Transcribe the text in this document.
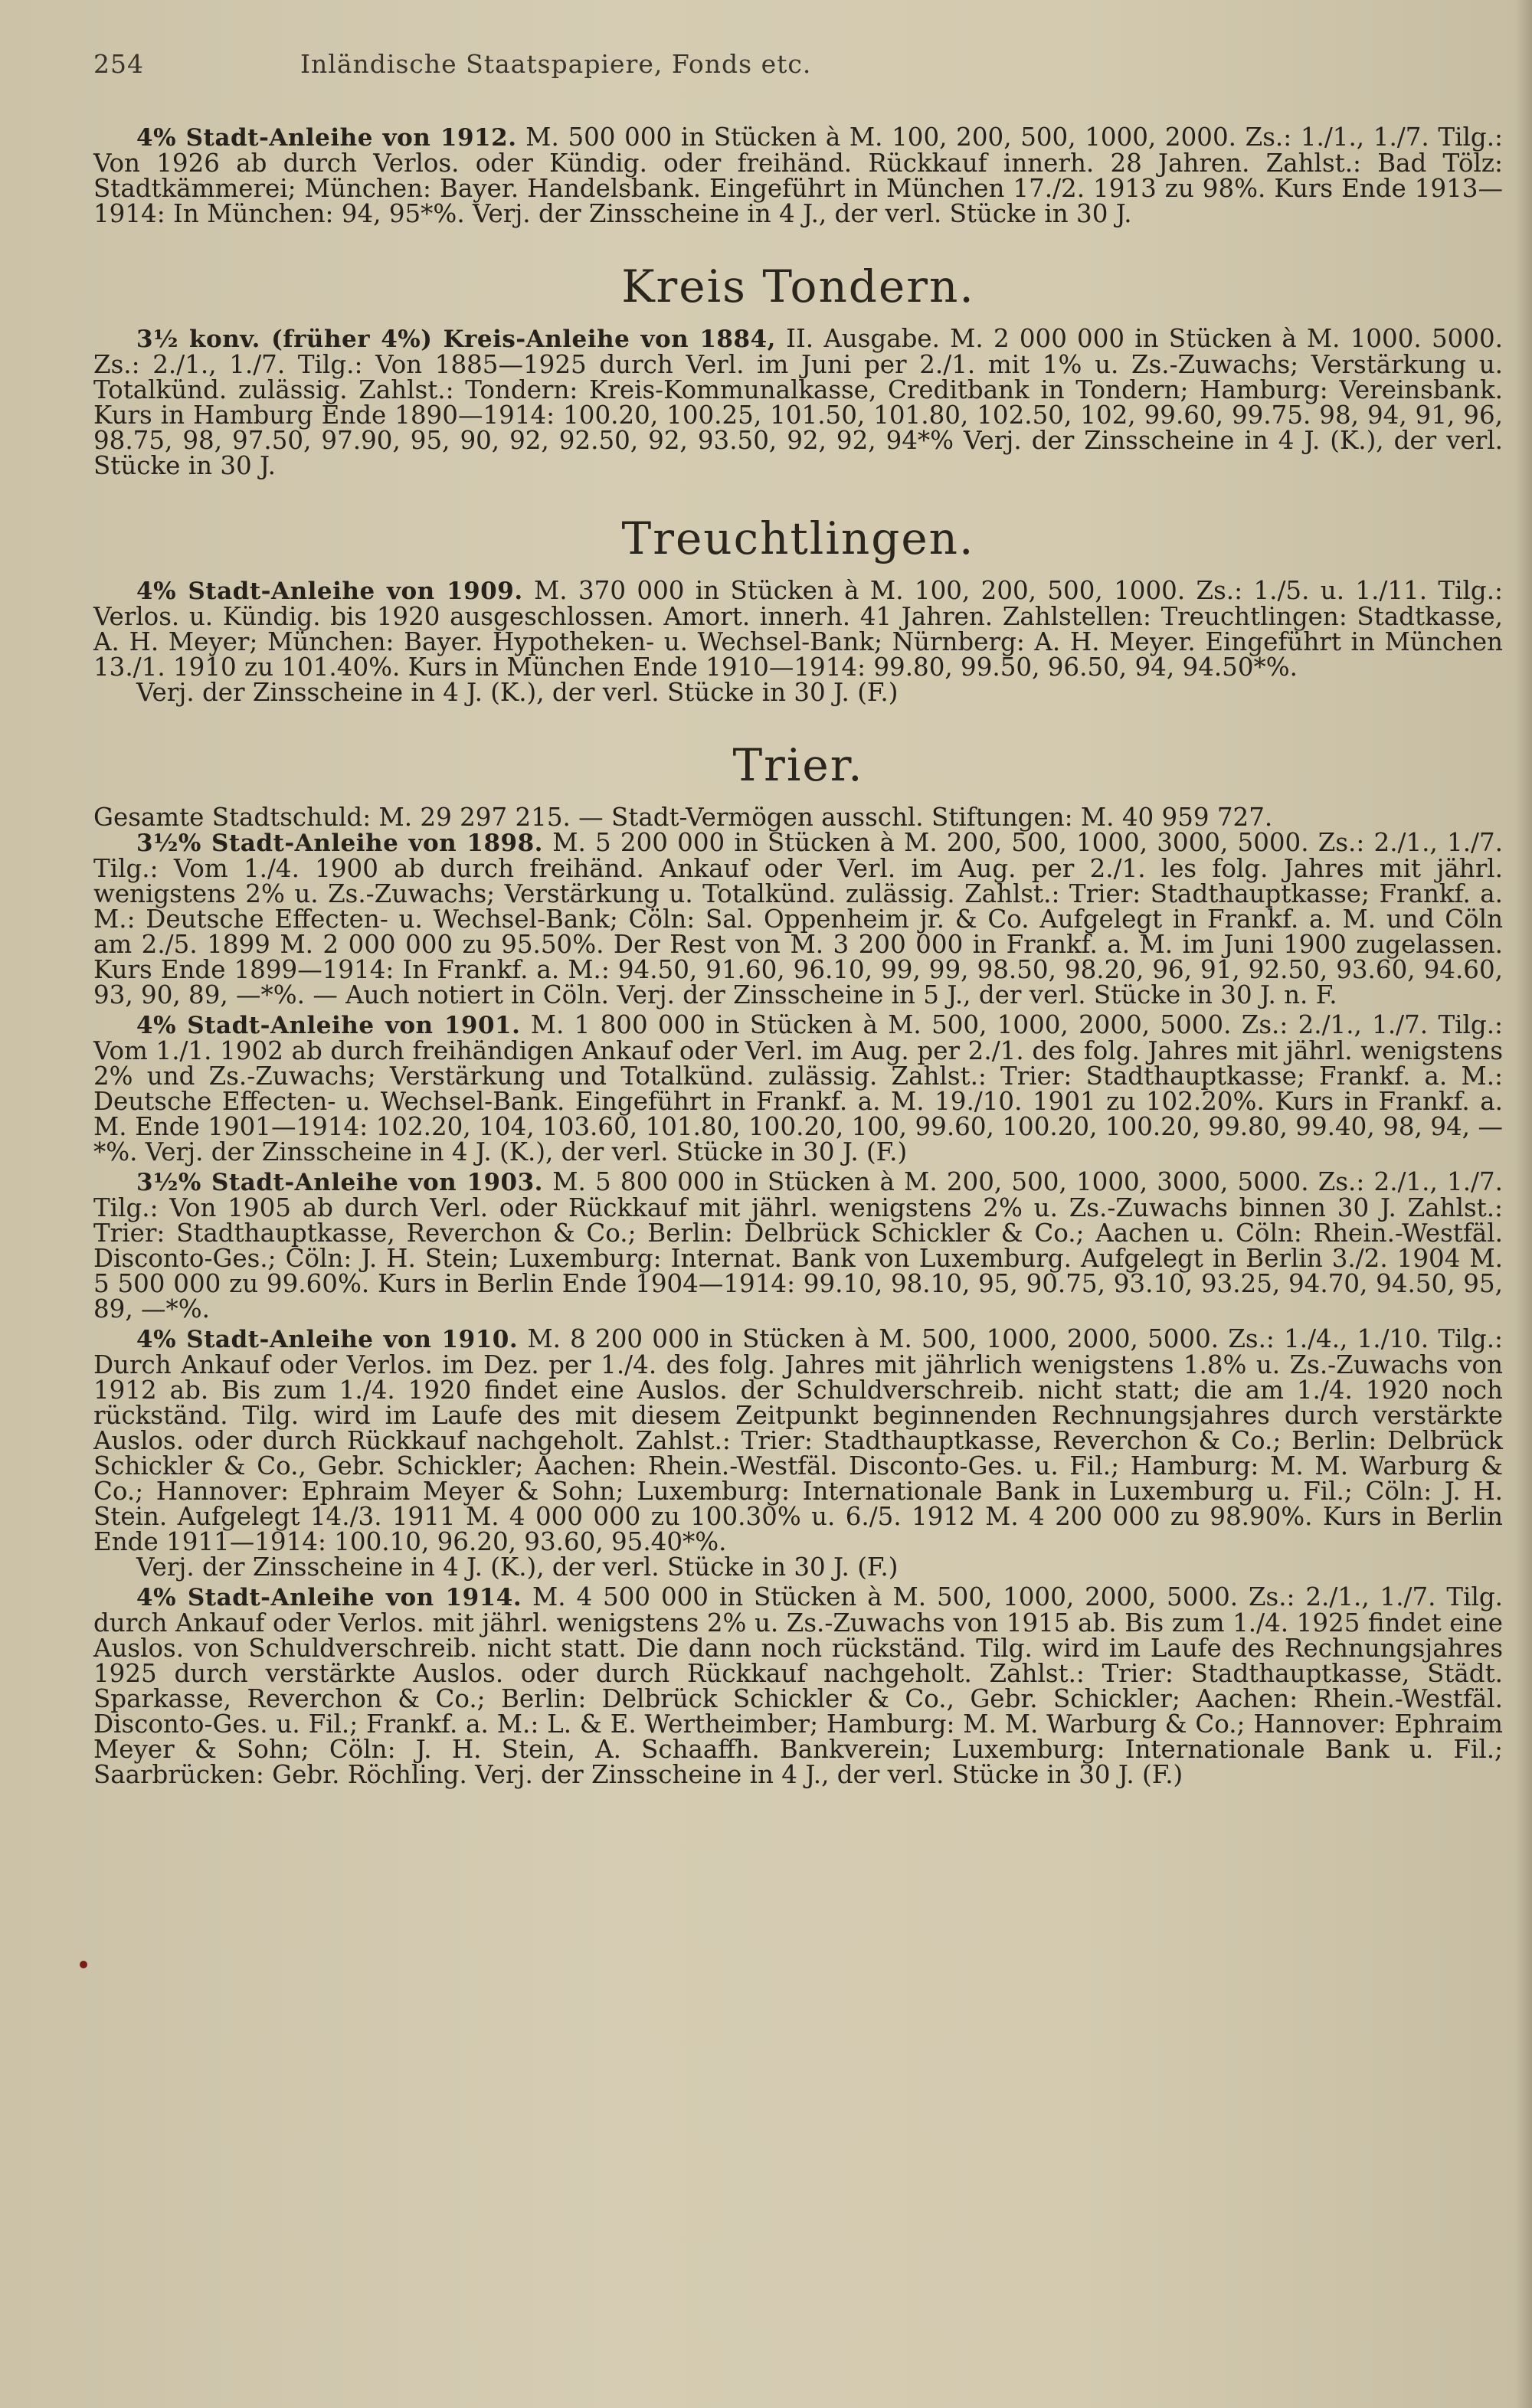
254	Inländische Staatspapiere, Fonds etc.

4% Stadt-Anleihe von 1912. M. 500 000 in Stücken à M. 100, 200, 500, 1000, 2000. Zs.: 1./1., 1./7. Tilg.: Von 1926 ab durch Verlos. oder Kündig. oder freihänd. Rückkauf innerh. 28 Jahren. Zahlst.: Bad Tölz: Stadtkämmerei; München: Bayer. Handelsbank. Eingeführt in München 17./2. 1913 zu 98%. Kurs Ende 1913—1914: In München: 94, 95*%. Verj. der Zinsscheine in 4 J., der verl. Stücke in 30 J.

Kreis Tondern.

3½ konv. (früher 4%) Kreis-Anleihe von 1884, II. Ausgabe. M. 2 000 000 in Stücken à M. 1000. 5000. Zs.: 2./1., 1./7. Tilg.: Von 1885—1925 durch Verl. im Juni per 2./1. mit 1% u. Zs.-Zuwachs; Verstärkung u. Totalkünd. zulässig. Zahlst.: Tondern: Kreis-Kommunalkasse, Creditbank in Tondern; Hamburg: Vereinsbank. Kurs in Hamburg Ende 1890—1914: 100.20, 100.25, 101.50, 101.80, 102.50, 102, 99.60, 99.75. 98, 94, 91, 96, 98.75, 98, 97.50, 97.90, 95, 90, 92, 92.50, 92, 93.50, 92, 92, 94*% Verj. der Zinsscheine in 4 J. (K.), der verl. Stücke in 30 J.

Treuchtlingen.

4% Stadt-Anleihe von 1909. M. 370 000 in Stücken à M. 100, 200, 500, 1000. Zs.: 1./5. u. 1./11. Tilg.: Verlos. u. Kündig. bis 1920 ausgeschlossen. Amort. innerh. 41 Jahren. Zahlstellen: Treuchtlingen: Stadtkasse, A. H. Meyer; München: Bayer. Hypotheken- u. Wechsel-Bank; Nürnberg: A. H. Meyer. Eingeführt in München 13./1. 1910 zu 101.40%. Kurs in München Ende 1910—1914: 99.80, 99.50, 96.50, 94, 94.50*%.

Verj. der Zinsscheine in 4 J. (K.), der verl. Stücke in 30 J. (F.)

Trier.

Gesamte Stadtschuld: M. 29 297 215. — Stadt-Vermögen ausschl. Stiftungen: M. 40 959 727.

3½% Stadt-Anleihe von 1898. M. 5 200 000 in Stücken à M. 200, 500, 1000, 3000, 5000. Zs.: 2./1., 1./7. Tilg.: Vom 1./4. 1900 ab durch freihänd. Ankauf oder Verl. im Aug. per 2./1. les folg. Jahres mit jährl. wenigstens 2% u. Zs.-Zuwachs; Verstärkung u. Totalkünd. zulässig. Zahlst.: Trier: Stadthauptkasse; Frankf. a. M.: Deutsche Effecten- u. Wechsel-Bank; Cöln: Sal. Oppenheim jr. & Co. Aufgelegt in Frankf. a. M. und Cöln am 2./5. 1899 M. 2 000 000 zu 95.50%. Der Rest von M. 3 200 000 in Frankf. a. M. im Juni 1900 zugelassen. Kurs Ende 1899—1914: In Frankf. a. M.: 94.50, 91.60, 96.10, 99, 99, 98.50, 98.20, 96, 91, 92.50, 93.60, 94.60, 93, 90, 89, —*%. — Auch notiert in Cöln. Verj. der Zinsscheine in 5 J., der verl. Stücke in 30 J. n. F.

4% Stadt-Anleihe von 1901. M. 1 800 000 in Stücken à M. 500, 1000, 2000, 5000. Zs.: 2./1., 1./7. Tilg.: Vom 1./1. 1902 ab durch freihändigen Ankauf oder Verl. im Aug. per 2./1. des folg. Jahres mit jährl. wenigstens 2% und Zs.-Zuwachs; Verstärkung und Totalkünd. zulässig. Zahlst.: Trier: Stadthauptkasse; Frankf. a. M.: Deutsche Effecten- u. Wechsel-Bank. Eingeführt in Frankf. a. M. 19./10. 1901 zu 102.20%. Kurs in Frankf. a. M. Ende 1901—1914: 102.20, 104, 103.60, 101.80, 100.20, 100, 99.60, 100.20, 100.20, 99.80, 99.40, 98, 94, —*%. Verj. der Zinsscheine in 4 J. (K.), der verl. Stücke in 30 J. (F.)

3½% Stadt-Anleihe von 1903. M. 5 800 000 in Stücken à M. 200, 500, 1000, 3000, 5000. Zs.: 2./1., 1./7. Tilg.: Von 1905 ab durch Verl. oder Rückkauf mit jährl. wenigstens 2% u. Zs.-Zuwachs binnen 30 J. Zahlst.: Trier: Stadthauptkasse, Reverchon & Co.; Berlin: Delbrück Schickler & Co.; Aachen u. Cöln: Rhein.-Westfäl. Disconto-Ges.; Cöln: J. H. Stein; Luxemburg: Internat. Bank von Luxemburg. Aufgelegt in Berlin 3./2. 1904 M. 5 500 000 zu 99.60%. Kurs in Berlin Ende 1904—1914: 99.10, 98.10, 95, 90.75, 93.10, 93.25, 94.70, 94.50, 95, 89, —*%.

4% Stadt-Anleihe von 1910. M. 8 200 000 in Stücken à M. 500, 1000, 2000, 5000. Zs.: 1./4., 1./10. Tilg.: Durch Ankauf oder Verlos. im Dez. per 1./4. des folg. Jahres mit jährlich wenigstens 1.8% u. Zs.-Zuwachs von 1912 ab. Bis zum 1./4. 1920 findet eine Auslos. der Schuldverschreib. nicht statt; die am 1./4. 1920 noch rückständ. Tilg. wird im Laufe des mit diesem Zeitpunkt beginnenden Rechnungsjahres durch verstärkte Auslos. oder durch Rückkauf nachgeholt. Zahlst.: Trier: Stadthauptkasse, Reverchon & Co.; Berlin: Delbrück Schickler & Co., Gebr. Schickler; Aachen: Rhein.-Westfäl. Disconto-Ges. u. Fil.; Hamburg: M. M. Warburg & Co.; Hannover: Ephraim Meyer & Sohn; Luxemburg: Internationale Bank in Luxemburg u. Fil.; Cöln: J. H. Stein. Aufgelegt 14./3. 1911 M. 4 000 000 zu 100.30% u. 6./5. 1912 M. 4 200 000 zu 98.90%. Kurs in Berlin Ende 1911—1914: 100.10, 96.20, 93.60, 95.40*%.

Verj. der Zinsscheine in 4 J. (K.), der verl. Stücke in 30 J. (F.)

4% Stadt-Anleihe von 1914. M. 4 500 000 in Stücken à M. 500, 1000, 2000, 5000. Zs.: 2./1., 1./7. Tilg. durch Ankauf oder Verlos. mit jährl. wenigstens 2% u. Zs.-Zuwachs von 1915 ab. Bis zum 1./4. 1925 findet eine Auslos. von Schuldverschreib. nicht statt. Die dann noch rückständ. Tilg. wird im Laufe des Rechnungsjahres 1925 durch verstärkte Auslos. oder durch Rückkauf nachgeholt. Zahlst.: Trier: Stadthauptkasse, Städt. Sparkasse, Reverchon & Co.; Berlin: Delbrück Schickler & Co., Gebr. Schickler; Aachen: Rhein.-Westfäl. Disconto-Ges. u. Fil.; Frankf. a. M.: L. & E. Wertheimber; Hamburg: M. M. Warburg & Co.; Hannover: Ephraim Meyer & Sohn; Cöln: J. H. Stein, A. Schaaffh. Bankverein; Luxemburg: Internationale Bank u. Fil.; Saarbrücken: Gebr. Röchling. Verj. der Zinsscheine in 4 J., der verl. Stücke in 30 J. (F.)
